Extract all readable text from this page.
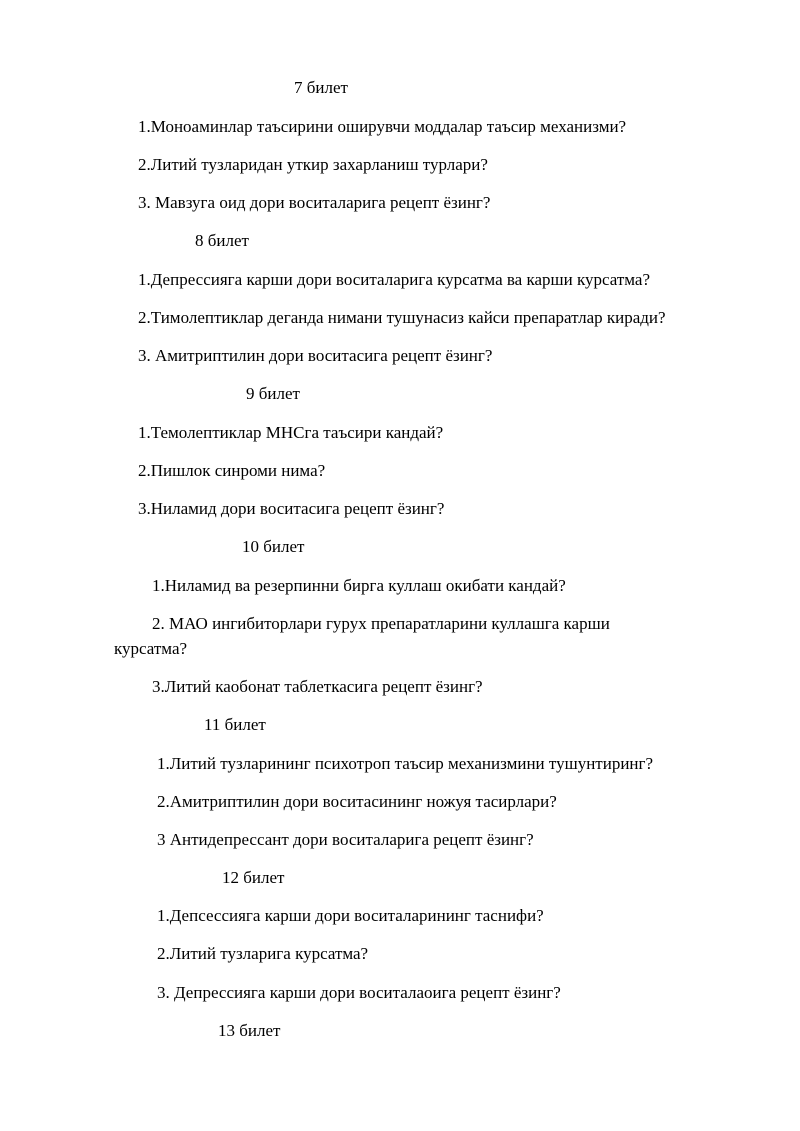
7 билет
1.Моноаминлар таъсирини оширувчи моддалар таъсир механизми?
2.Литий тузларидан уткир захарланиш турлари?
3. Мавзуга оид дори воситаларига рецепт ёзинг?
8 билет
1.Депрессияга карши дори воситаларига курсатма ва карши курсатма?
2.Тимолептиклар деганда нимани тушунасиз кайси препаратлар киради?
3. Амитриптилин дори воситасига рецепт ёзинг?
9 билет
1.Темолептиклар МНСга таъсири кандай?
2.Пишлок синроми нима?
3.Ниламид дори воситасига рецепт ёзинг?
10 билет
1.Ниламид ва резерпинни бирга куллаш окибати кандай?
2. МАО ингибиторлари гурух препаратларини куллашга карши
курсатма?
3.Литий каобонат таблеткасига рецепт ёзинг?
11 билет
1.Литий тузларининг психотроп таъсир механизмини тушунтиринг?
2.Амитриптилин дори воситасининг ножуя тасирлари?
3 Антидепрессант дори воситаларига рецепт ёзинг?
12 билет
1.Депсессияга карши дори воситаларининг таснифи?
2.Литий тузларига курсатма?
3. Депрессияга карши дори воситалаоига рецепт ёзинг?
13 билет
